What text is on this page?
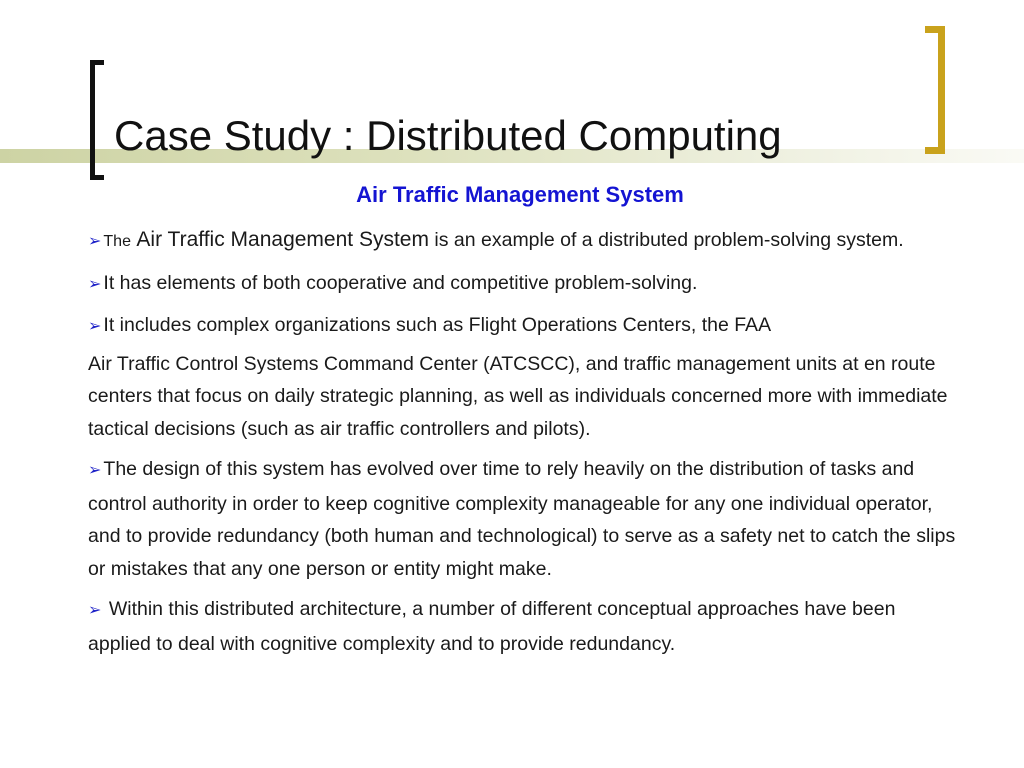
Case Study : Distributed Computing
Air Traffic Management System

➢ The Air Traffic Management System is an example of a distributed problem-solving system.

➢ It has elements of both cooperative and competitive problem-solving.

➢ It includes complex organizations such as Flight Operations Centers, the FAA

Air Traffic Control Systems Command Center (ATCSCC), and traffic management units at en route centers that focus on daily strategic planning, as well as individuals concerned more with immediate tactical decisions (such as air traffic controllers and pilots).

➢ The design of this system has evolved over time to rely heavily on the distribution of tasks and control authority in order to keep cognitive complexity manageable for any one individual operator, and to provide redundancy (both human and technological) to serve as a safety net to catch the slips or mistakes that any one person or entity might make.

➢ Within this distributed architecture, a number of different conceptual approaches have been applied to deal with cognitive complexity and to provide redundancy.
